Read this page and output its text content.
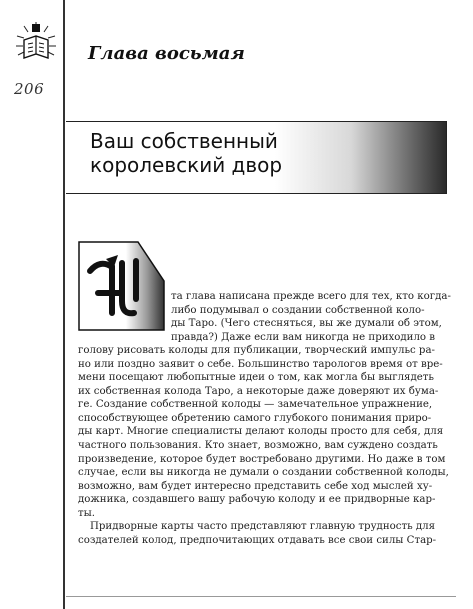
206
Глава восьмая
Ваш собственный
королевский двор
та глава написана прежде всего для тех, кто когда-
либо подумывал о создании собственной коло-
ды Таро. (Чего стесняться, вы же думали об этом,
правда?) Даже если вам никогда не приходило в
голову рисовать колоды для публикации, творческий импульс ра-
но или поздно заявит о себе. Большинство тарологов время от вре-
мени посещают любопытные идеи о том, как могла бы выглядеть
их собственная колода Таро, а некоторые даже доверяют их бума-
ге. Создание собственной колоды — замечательное упражнение,
способствующее обретению самого глубокого понимания приро-
ды карт. Многие специалисты делают колоды просто для себя, для
частного пользования. Кто знает, возможно, вам суждено создать
произведение, которое будет востребовано другими. Но даже в том
случае, если вы никогда не думали о создании собственной колоды,
возможно, вам будет интересно представить себе ход мыслей ху-
дожника, создавшего вашу рабочую колоду и ее придворные кар-
ты.
Придворные карты часто представляют главную трудность для
создателей колод, предпочитающих отдавать все свои силы Стар-
